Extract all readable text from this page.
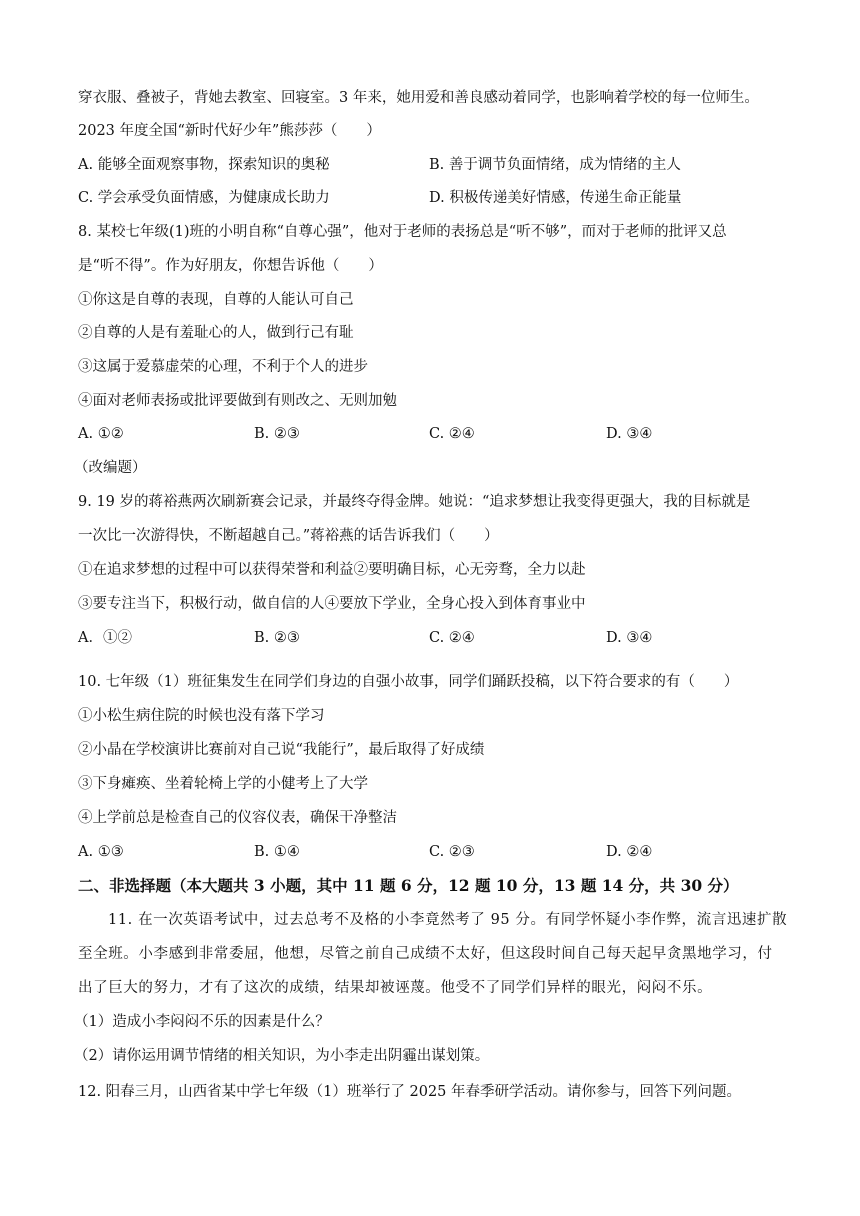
穿衣服、叠被子，背她去教室、回寝室。3 年来，她用爱和善良感动着同学，也影响着学校的每一位师生。
2023 年度全国“新时代好少年”熊莎莎（　　）
A. 能够全面观察事物，探索知识的奥秘	B. 善于调节负面情绪，成为情绪的主人
C. 学会承受负面情感，为健康成长助力	D. 积极传递美好情感，传递生命正能量
8. 某校七年级(1)班的小明自称“自尊心强”，他对于老师的表扬总是“听不够”，而对于老师的批评又总
是“听不得”。作为好朋友，你想告诉他（　　）
①你这是自尊的表现，自尊的人能认可自己
②自尊的人是有羞耻心的人，做到行己有耻
③这属于爱慕虚荣的心理，不利于个人的进步
④面对老师表扬或批评要做到有则改之、无则加勉
A. ①②	B. ②③	C. ②④	D. ③④
（改编题）
9. 19 岁的蒋裕燕两次刷新赛会记录，并最终夺得金牌。她说：“追求梦想让我变得更强大，我的目标就是
一次比一次游得快，不断超越自己。”蒋裕燕的话告诉我们（　　）
①在追求梦想的过程中可以获得荣誉和利益②要明确目标，心无旁骛，全力以赴
③要专注当下，积极行动，做自信的人④要放下学业，全身心投入到体育事业中
A．①②	B. ②③	C. ②④	D. ③④
10. 七年级（1）班征集发生在同学们身边的自强小故事，同学们踊跃投稿，以下符合要求的有（　　）
①小松生病住院的时候也没有落下学习
②小晶在学校演讲比赛前对自己说“我能行”，最后取得了好成绩
③下身瘫痪、坐着轮椅上学的小健考上了大学
④上学前总是检查自己的仪容仪表，确保干净整洁
A. ①③	B. ①④	C. ②③	D. ②④
二、非选择题（本大题共 3 小题，其中 11 题 6 分，12 题 10 分，13 题 14 分，共 30 分）
11. 在一次英语考试中，过去总考不及格的小李竟然考了 95 分。有同学怀疑小李作弊，流言迅速扩散
至全班。小李感到非常委屈，他想，尽管之前自己成绩不太好，但这段时间自己每天起早贪黑地学习，付
出了巨大的努力，才有了这次的成绩，结果却被诬蔑。他受不了同学们异样的眼光，闷闷不乐。
（1）造成小李闷闷不乐的因素是什么？
（2）请你运用调节情绪的相关知识，为小李走出阴霾出谋划策。
12. 阳春三月，山西省某中学七年级（1）班举行了 2025 年春季研学活动。请你参与，回答下列问题。
